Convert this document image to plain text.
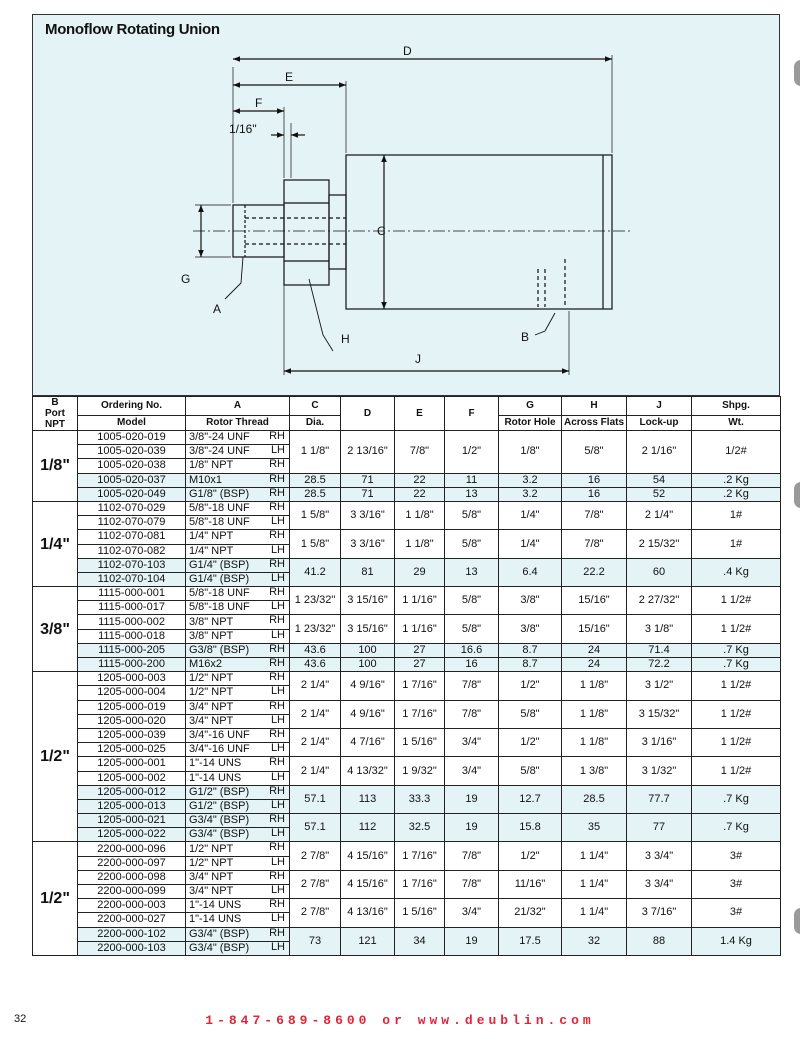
Monoflow Rotating Union
D
E
F
1/16"
C
G
A
H	B
J
B
Port
NPT	Ordering No.	A	C	D	E	F	G	H	J	Shpg.
	Model	Rotor Thread	Dia.				Rotor Hole	Across Flats	Lock-up	Wt.
1/8"	1005-020-019	3/8"-24 UNF RH	1 1/8"	2 13/16"	7/8"	1/2"	1/8"	5/8"	2 1/16"	1/2#
	1005-020-039	3/8"-24 UNF LH								

	1005-020-038	1/8" NPT RH								

	1005-020-037	M10x1 RH	28.5	71	22	11	3.2	16	54	.2 Kg
	1005-020-049	G1/8" (BSP) RH	28.5	71	22	13	3.2	16	52	.2 Kg
1/4"	1102-070-029	5/8"-18 UNF RH	1 5/8"	3 3/16"	1 1/8"	5/8"	1/4"	7/8"	2 1/4"	1#
	1102-070-079	5/8"-18 UNF LH								

	1102-070-081	1/4" NPT RH	1 5/8"	3 3/16"	1 1/8"	5/8"	1/4"	7/8"	2 15/32"	1#
	1102-070-082	1/4" NPT LH								

	1102-070-103	G1/4" (BSP) RH	41.2	81	29	13	6.4	22.2	60	.4 Kg
	1102-070-104	G1/4" (BSP) LH								

3/8"	1115-000-001	5/8"-18 UNF RH	1 23/32"	3 15/16"	1 1/16"	5/8"	3/8"	15/16"	2 27/32"	1 1/2#
	1115-000-017	5/8"-18 UNF LH								

	1115-000-002	3/8" NPT RH	1 23/32"	3 15/16"	1 1/16"	5/8"	3/8"	15/16"	3 1/8"	1 1/2#
	1115-000-018	3/8" NPT LH								

	1115-000-205	G3/8" (BSP) RH	43.6	100	27	16.6	8.7	24	71.4	.7 Kg
	1115-000-200	M16x2 RH	43.6	100	27	16	8.7	24	72.2	.7 Kg
1/2"	1205-000-003	1/2" NPT RH	2 1/4"	4 9/16"	1 7/16"	7/8"	1/2"	1 1/8"	3 1/2"	1 1/2#
	1205-000-004	1/2" NPT LH								

	1205-000-019	3/4" NPT RH	2 1/4"	4 9/16"	1 7/16"	7/8"	5/8"	1 1/8"	3 15/32"	1 1/2#
	1205-000-020	3/4" NPT LH								

	1205-000-039	3/4"-16 UNF RH	2 1/4"	4 7/16"	1 5/16"	3/4"	1/2"	1 1/8"	3 1/16"	1 1/2#
	1205-000-025	3/4"-16 UNF LH								

	1205-000-001	1"-14 UNS RH	2 1/4"	4 13/32"	1 9/32"	3/4"	5/8"	1 3/8"	3 1/32"	1 1/2#
	1205-000-002	1"-14 UNS LH								

	1205-000-012	G1/2" (BSP) RH	57.1	113	33.3	19	12.7	28.5	77.7	.7 Kg
	1205-000-013	G1/2" (BSP) LH								

	1205-000-021	G3/4" (BSP) RH	57.1	112	32.5	19	15.8	35	77	.7 Kg
	1205-000-022	G3/4" (BSP) LH								

1/2"	2200-000-096	1/2" NPT RH	2 7/8"	4 15/16"	1 7/16"	7/8"	1/2"	1 1/4"	3 3/4"	3#
	2200-000-097	1/2" NPT LH								

	2200-000-098	3/4" NPT RH	2 7/8"	4 15/16"	1 7/16"	7/8"	11/16"	1 1/4"	3 3/4"	3#
	2200-000-099	3/4" NPT LH								

	2200-000-003	1"-14 UNS RH	2 7/8"	4 13/16"	1 5/16"	3/4"	21/32"	1 1/4"	3 7/16"	3#
	2200-000-027	1"-14 UNS LH								

	2200-000-102	G3/4" (BSP) RH	73	121	34	19	17.5	32	88	1.4 Kg
	2200-000-103	G3/4" (BSP) LH								
32	1-847-689-8600 or www.deublin.com
